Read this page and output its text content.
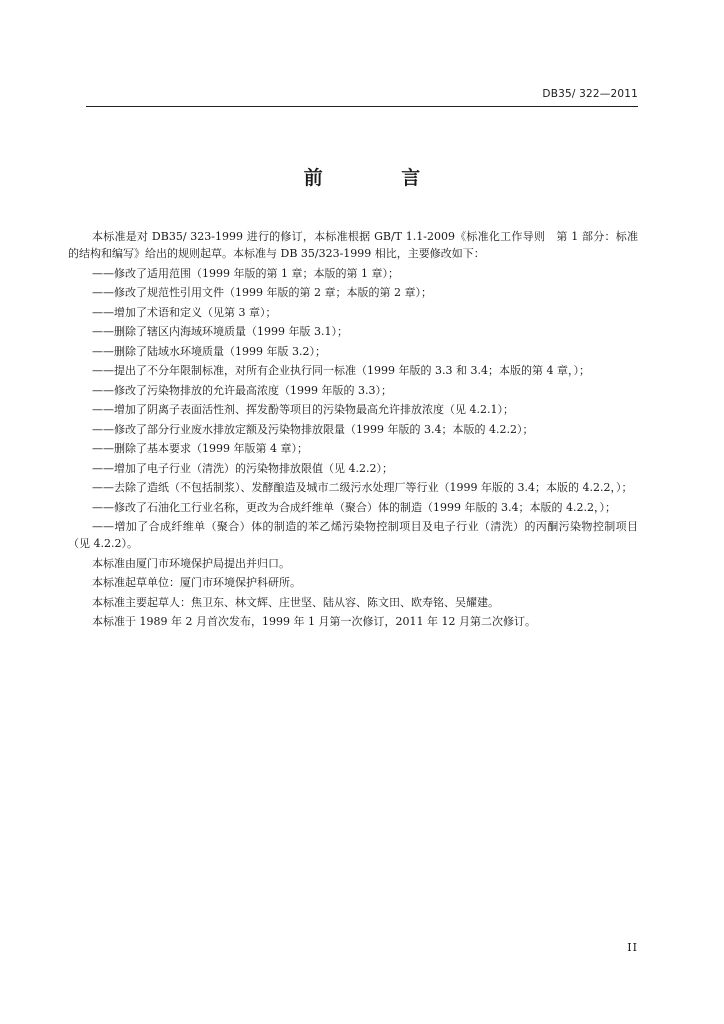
DB35/ 322—2011
前 言

本标准是对 DB35/ 323-1999 进行的修订，本标准根据 GB/T 1.1-2009《标准化工作导则　第 1 部分：标准的结构和编写》给出的规则起草。本标准与 DB 35/323-1999 相比，主要修改如下：

——修改了适用范围（1999 年版的第 1 章；本版的第 1 章）；

——修改了规范性引用文件（1999 年版的第 2 章；本版的第 2 章）；

——增加了术语和定义（见第 3 章）；

——删除了辖区内海域环境质量（1999 年版 3.1）；

——删除了陆域水环境质量（1999 年版 3.2）；

——提出了不分年限制标准，对所有企业执行同一标准（1999 年版的 3.3 和 3.4；本版的第 4 章，）；

——修改了污染物排放的允许最高浓度（1999 年版的 3.3）；

——增加了阴离子表面活性剂、挥发酚等项目的污染物最高允许排放浓度（见 4.2.1）；

——修改了部分行业废水排放定额及污染物排放限量（1999 年版的 3.4；本版的 4.2.2）；

——删除了基本要求（1999 年版第 4 章）；

——增加了电子行业（清洗）的污染物排放限值（见 4.2.2）；

——去除了造纸（不包括制浆）、发酵酿造及城市二级污水处理厂等行业（1999 年版的 3.4；本版的 4.2.2，）；

——修改了石油化工行业名称，更改为合成纤维单（聚合）体的制造（1999 年版的 3.4；本版的 4.2.2，）；

——增加了合成纤维单（聚合）体的制造的苯乙烯污染物控制项目及电子行业（清洗）的丙酮污染物控制项目（见 4.2.2）。

本标准由厦门市环境保护局提出并归口。

本标准起草单位：厦门市环境保护科研所。

本标准主要起草人：焦卫东、林文辉、庄世坚、陆从容、陈文田、欧寿铭、吴耀建。

本标准于 1989 年 2 月首次发布，1999 年 1 月第一次修订，2011 年 12 月第二次修订。

II
